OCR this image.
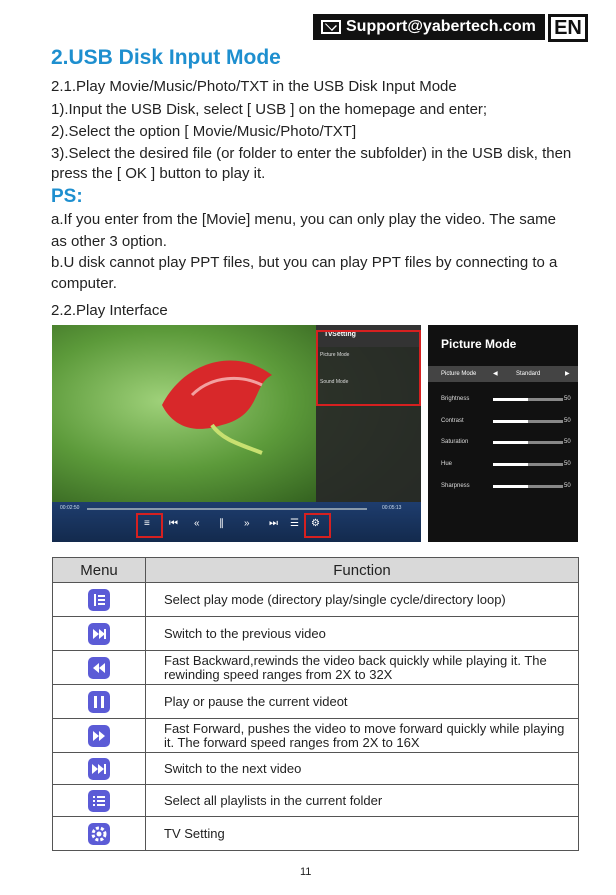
Support@yabertech.com EN
2.USB Disk Input Mode
2.1.Play Movie/Music/Photo/TXT in the USB Disk Input Mode
1).Input the USB Disk, select [ USB ] on the homepage and enter;
2).Select the option [ Movie/Music/Photo/TXT]
3).Select the desired file (or folder to enter the subfolder) in the USB disk, then
press the [ OK ] button to play it.
PS:
a.If you enter from the [Movie] menu, you can only play the video. The same
as other 3 option.
b.U disk cannot play PPT files, but you can play PPT files by connecting to a
computer.
2.2.Play Interface
TvSetting
Picture Mode
Sound Mode
00:02:50	00:05:13
≡ ⏮ « ∥ » ⏭ ☰ ⚙
Picture Mode
Picture Mode	◀	Standard	▶
Brightness	50
Contrast	50
Saturation	50
Hue	50
Sharpness	50
Menu	Function

	Select play mode (directory play/single cycle/directory loop)

	Switch to the previous video

	Fast Backward,rewinds the video back quickly while playing it. The rewinding speed ranges from 2X to 32X

	Play or pause the current videot

	Fast Forward, pushes the video to move forward quickly while playing it. The forward speed ranges from 2X to 16X

	Switch to the next video

	Select all playlists in the current folder

	TV Setting
11
